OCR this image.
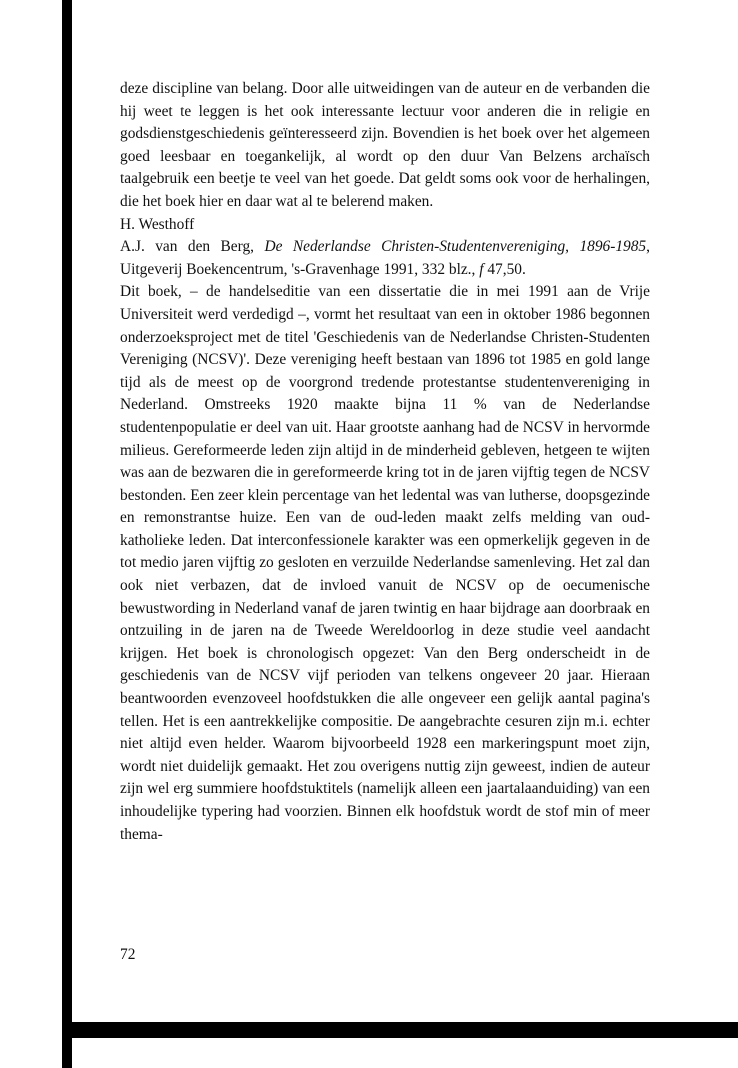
deze discipline van belang. Door alle uitweidingen van de auteur en de verbanden die hij weet te leggen is het ook interessante lectuur voor anderen die in religie en godsdienstgeschiedenis geïnteresseerd zijn. Bovendien is het boek over het algemeen goed leesbaar en toegankelijk, al wordt op den duur Van Belzens archaïsch taalgebruik een beetje te veel van het goede. Dat geldt soms ook voor de herhalingen, die het boek hier en daar wat al te belerend maken.

H. Westhoff

A.J. van den Berg, De Nederlandse Christen-Studentenvereniging, 1896-1985, Uitgeverij Boekencentrum, 's-Gravenhage 1991, 332 blz., f 47,50.

Dit boek, – de handelseditie van een dissertatie die in mei 1991 aan de Vrije Universiteit werd verdedigd –, vormt het resultaat van een in oktober 1986 begonnen onderzoeksproject met de titel 'Geschiedenis van de Nederlandse Christen-Studenten Vereniging (NCSV)'. Deze vereniging heeft bestaan van 1896 tot 1985 en gold lange tijd als de meest op de voorgrond tredende protestantse studentenvereniging in Nederland. Omstreeks 1920 maakte bijna 11 % van de Nederlandse studentenpopulatie er deel van uit. Haar grootste aanhang had de NCSV in hervormde milieus. Gereformeerde leden zijn altijd in de minderheid gebleven, hetgeen te wijten was aan de bezwaren die in gereformeerde kring tot in de jaren vijftig tegen de NCSV bestonden. Een zeer klein percentage van het ledental was van lutherse, doopsgezinde en remonstrantse huize. Een van de oud-leden maakt zelfs melding van oud-katholieke leden. Dat interconfessionele karakter was een opmerkelijk gegeven in de tot medio jaren vijftig zo gesloten en verzuilde Nederlandse samenleving. Het zal dan ook niet verbazen, dat de invloed vanuit de NCSV op de oecumenische bewustwording in Nederland vanaf de jaren twintig en haar bijdrage aan doorbraak en ontzuiling in de jaren na de Tweede Wereldoorlog in deze studie veel aandacht krijgen. Het boek is chronologisch opgezet: Van den Berg onderscheidt in de geschiedenis van de NCSV vijf perioden van telkens ongeveer 20 jaar. Hieraan beantwoorden evenzoveel hoofdstukken die alle ongeveer een gelijk aantal pagina's tellen. Het is een aantrekkelijke compositie. De aangebrachte cesuren zijn m.i. echter niet altijd even helder. Waarom bijvoorbeeld 1928 een markeringspunt moet zijn, wordt niet duidelijk gemaakt. Het zou overigens nuttig zijn geweest, indien de auteur zijn wel erg summiere hoofdstuktitels (namelijk alleen een jaartalaanduiding) van een inhoudelijke typering had voorzien. Binnen elk hoofdstuk wordt de stof min of meer thema-

72
